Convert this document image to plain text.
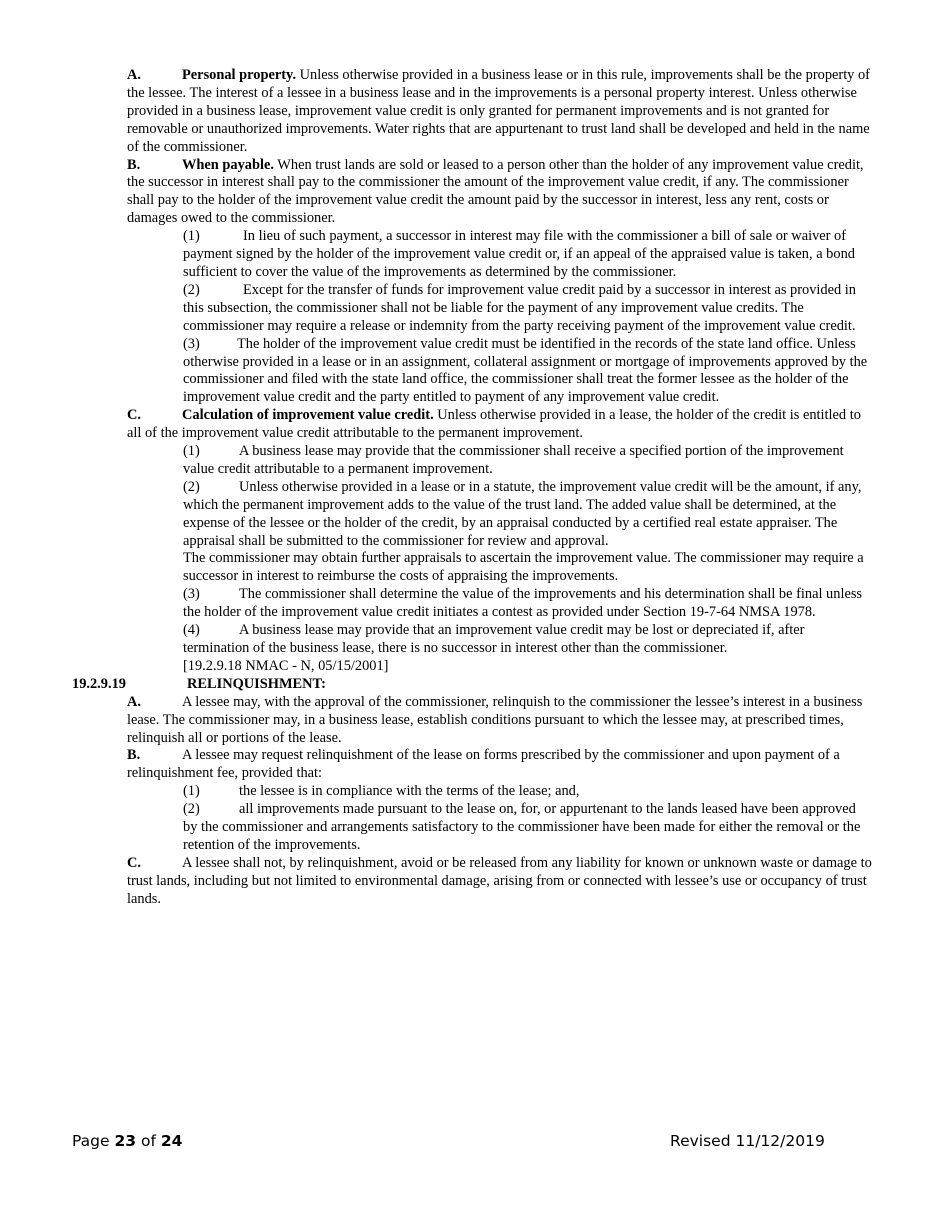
A.	Personal property. Unless otherwise provided in a business lease or in this rule, improvements shall be the property of the lessee. The interest of a lessee in a business lease and in the improvements is a personal property interest. Unless otherwise provided in a business lease, improvement value credit is only granted for permanent improvements and is not granted for removable or unauthorized improvements. Water rights that are appurtenant to trust land shall be developed and held in the name of the commissioner.

B.	When payable. When trust lands are sold or leased to a person other than the holder of any improvement value credit, the successor in interest shall pay to the commissioner the amount of the improvement value credit, if any. The commissioner shall pay to the holder of the improvement value credit the amount paid by the successor in interest, less any rent, costs or damages owed to the commissioner.

(1)	In lieu of such payment, a successor in interest may file with the commissioner a bill of sale or waiver of payment signed by the holder of the improvement value credit or, if an appeal of the appraised value is taken, a bond sufficient to cover the value of the improvements as determined by the commissioner.

(2)	Except for the transfer of funds for improvement value credit paid by a successor in interest as provided in this subsection, the commissioner shall not be liable for the payment of any improvement value credits. The commissioner may require a release or indemnity from the party receiving payment of the improvement value credit.

(3)	The holder of the improvement value credit must be identified in the records of the state land office. Unless otherwise provided in a lease or in an assignment, collateral assignment or mortgage of improvements approved by the commissioner and filed with the state land office, the commissioner shall treat the former lessee as the holder of the improvement value credit and the party entitled to payment of any improvement value credit.

C.	Calculation of improvement value credit. Unless otherwise provided in a lease, the holder of the credit is entitled to all of the improvement value credit attributable to the permanent improvement.

(1)	A business lease may provide that the commissioner shall receive a specified portion of the improvement value credit attributable to a permanent improvement.

(2)	Unless otherwise provided in a lease or in a statute, the improvement value credit will be the amount, if any, which the permanent improvement adds to the value of the trust land. The added value shall be determined, at the expense of the lessee or the holder of the credit, by an appraisal conducted by a certified real estate appraiser. The appraisal shall be submitted to the commissioner for review and approval.

The commissioner may obtain further appraisals to ascertain the improvement value. The commissioner may require a successor in interest to reimburse the costs of appraising the improvements.

(3)	The commissioner shall determine the value of the improvements and his determination shall be final unless the holder of the improvement value credit initiates a contest as provided under Section 19-7-64 NMSA 1978.

(4)	A business lease may provide that an improvement value credit may be lost or depreciated if, after termination of the business lease, there is no successor in interest other than the commissioner.

[19.2.9.18 NMAC - N, 05/15/2001]

19.2.9.19	RELINQUISHMENT:

A.	A lessee may, with the approval of the commissioner, relinquish to the commissioner the lessee’s interest in a business lease. The commissioner may, in a business lease, establish conditions pursuant to which the lessee may, at prescribed times, relinquish all or portions of the lease.

B.	A lessee may request relinquishment of the lease on forms prescribed by the commissioner and upon payment of a relinquishment fee, provided that:

(1)	the lessee is in compliance with the terms of the lease; and,

(2)	all improvements made pursuant to the lease on, for, or appurtenant to the lands leased have been approved by the commissioner and arrangements satisfactory to the commissioner have been made for either the removal or the retention of the improvements.

C.	A lessee shall not, by relinquishment, avoid or be released from any liability for known or unknown waste or damage to trust lands, including but not limited to environmental damage, arising from or connected with lessee’s use or occupancy of trust lands.

Page 23 of 24	Revised 11/12/2019
